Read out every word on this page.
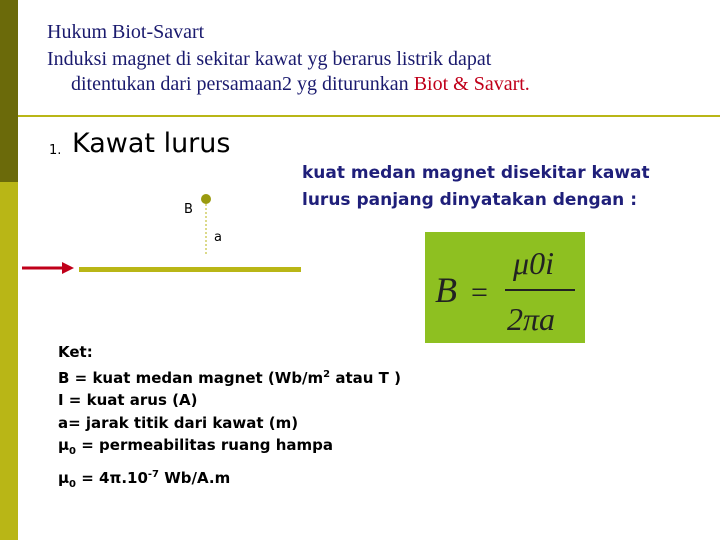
Hukum Biot-Savart
Induksi magnet di sekitar kawat yg berarus listrik dapat
ditentukan dari persamaan2 yg diturunkan Biot & Savart.
1. Kawat lurus
kuat medan magnet disekitar kawat lurus panjang dinyatakan dengan :
B
a
B =
μ0i
2πa
Ket:
B = kuat medan magnet ($Wb/m^2$ atau T )
I = kuat arus (A)
a= jarak titik dari kawat (m)
$\mu_0$ = permeabilitas ruang hampa
$\mu_0 = 4\pi.10^{-7}$ Wb/A.m
